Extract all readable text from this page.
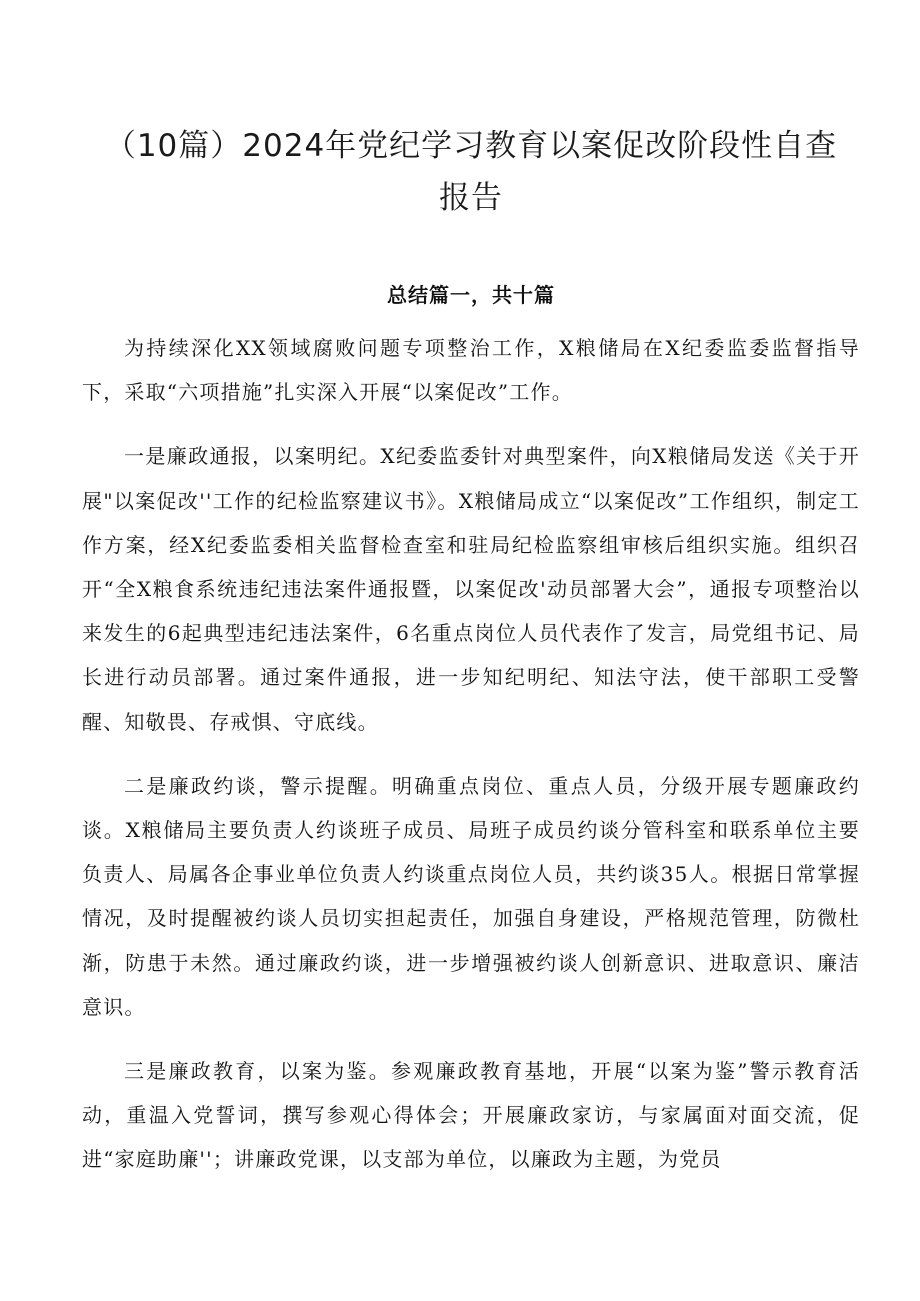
（10篇）2024年党纪学习教育以案促改阶段性自查
报告
总结篇一，共十篇

为持续深化XX领域腐败问题专项整治工作，X粮储局在X纪委监委监督指导下，采取“六项措施”扎实深入开展“以案促改”工作。

一是廉政通报，以案明纪。X纪委监委针对典型案件，向X粮储局发送《关于开展"以案促改''工作的纪检监察建议书》。X粮储局成立“以案促改”工作组织，制定工作方案，经X纪委监委相关监督检查室和驻局纪检监察组审核后组织实施。组织召开“全X粮食系统违纪违法案件通报暨，以案促改'动员部署大会”，通报专项整治以来发生的6起典型违纪违法案件，6名重点岗位人员代表作了发言，局党组书记、局长进行动员部署。通过案件通报，进一步知纪明纪、知法守法，使干部职工受警醒、知敬畏、存戒惧、守底线。

二是廉政约谈，警示提醒。明确重点岗位、重点人员，分级开展专题廉政约谈。X粮储局主要负责人约谈班子成员、局班子成员约谈分管科室和联系单位主要负责人、局属各企事业单位负责人约谈重点岗位人员，共约谈35人。根据日常掌握情况，及时提醒被约谈人员切实担起责任，加强自身建设，严格规范管理，防微杜渐，防患于未然。通过廉政约谈，进一步增强被约谈人创新意识、进取意识、廉洁意识。

三是廉政教育，以案为鉴。参观廉政教育基地，开展“以案为鉴”警示教育活动，重温入党誓词，撰写参观心得体会；开展廉政家访，与家属面对面交流，促进“家庭助廉''；讲廉政党课，以支部为单位，以廉政为主题，为党员
